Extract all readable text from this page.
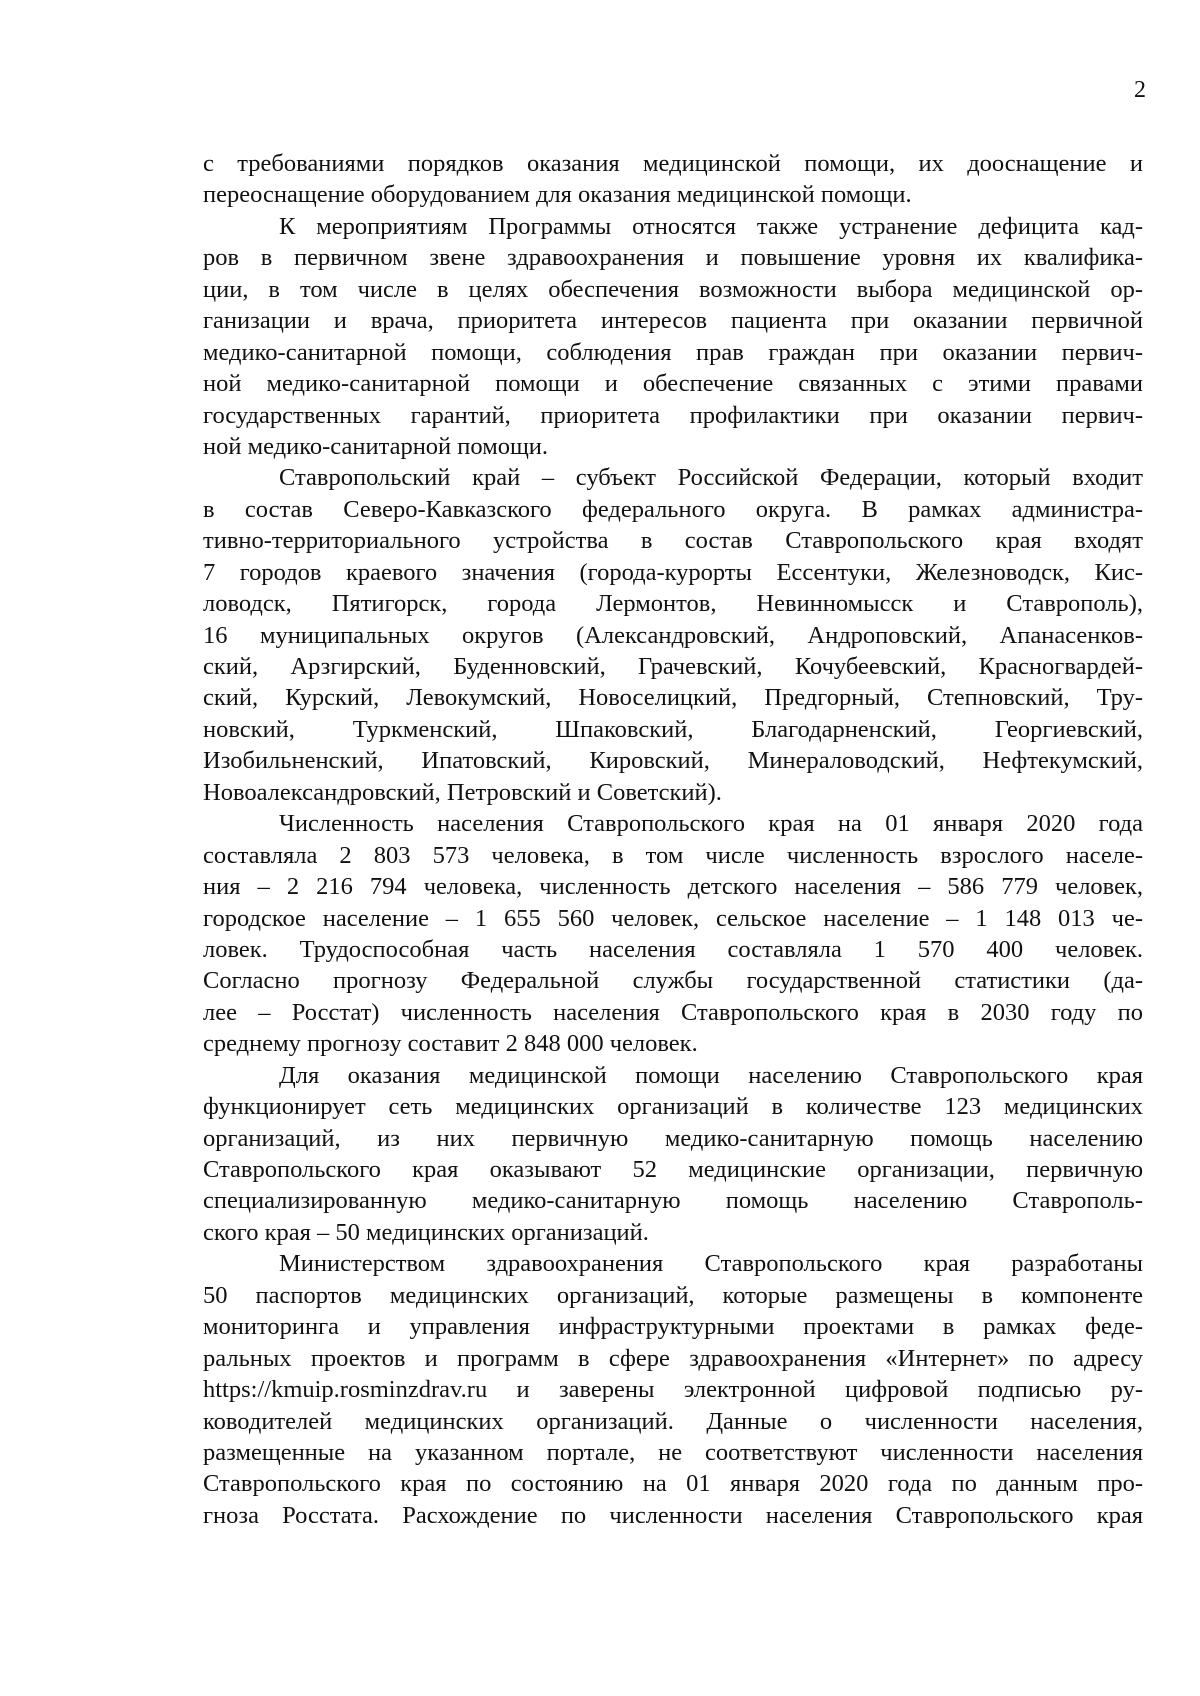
2
с требованиями порядков оказания медицинской помощи, их дооснащение и
переоснащение оборудованием для оказания медицинской помощи.
К мероприятиям Программы относятся также устранение дефицита кад-
ров в первичном звене здравоохранения и повышение уровня их квалифика-
ции, в том числе в целях обеспечения возможности выбора медицинской ор-
ганизации и врача, приоритета интересов пациента при оказании первичной
медико-санитарной помощи, соблюдения прав граждан при оказании первич-
ной медико-санитарной помощи и обеспечение связанных с этими правами
государственных гарантий, приоритета профилактики при оказании первич-
ной медико-санитарной помощи.
Ставропольский край – субъект Российской Федерации, который входит
в состав Северо-Кавказского федерального округа. В рамках администра-
тивно-территориального устройства в состав Ставропольского края входят
7 городов краевого значения (города-курорты Ессентуки, Железноводск, Кис-
ловодск, Пятигорск, города Лермонтов, Невинномысск и Ставрополь),
16 муниципальных округов (Александровский, Андроповский, Апанасенков-
ский, Арзгирский, Буденновский, Грачевский, Кочубеевский, Красногвардей-
ский, Курский, Левокумский, Новоселицкий, Предгорный, Степновский, Тру-
новский, Туркменский, Шпаковский, Благодарненский, Георгиевский,
Изобильненский, Ипатовский, Кировский, Минераловодский, Нефтекумский,
Новоалександровский, Петровский и Советский).
Численность населения Ставропольского края на 01 января 2020 года
составляла 2 803 573 человека, в том числе численность взрослого населе-
ния – 2 216 794 человека, численность детского населения – 586 779 человек,
городское население – 1 655 560 человек, сельское население – 1 148 013 че-
ловек. Трудоспособная часть населения составляла 1 570 400 человек.
Согласно прогнозу Федеральной службы государственной статистики (да-
лее – Росстат) численность населения Ставропольского края в 2030 году по
среднему прогнозу составит 2 848 000 человек.
Для оказания медицинской помощи населению Ставропольского края
функционирует сеть медицинских организаций в количестве 123 медицинских
организаций, из них первичную медико-санитарную помощь населению
Ставропольского края оказывают 52 медицинские организации, первичную
специализированную медико-санитарную помощь населению Ставрополь-
ского края – 50 медицинских организаций.
Министерством здравоохранения Ставропольского края разработаны
50 паспортов медицинских организаций, которые размещены в компоненте
мониторинга и управления инфраструктурными проектами в рамках феде-
ральных проектов и программ в сфере здравоохранения «Интернет» по адресу
https://kmuip.rosminzdrav.ru и заверены электронной цифровой подписью ру-
ководителей медицинских организаций. Данные о численности населения,
размещенные на указанном портале, не соответствуют численности населения
Ставропольского края по состоянию на 01 января 2020 года по данным про-
гноза Росстата. Расхождение по численности населения Ставропольского края
